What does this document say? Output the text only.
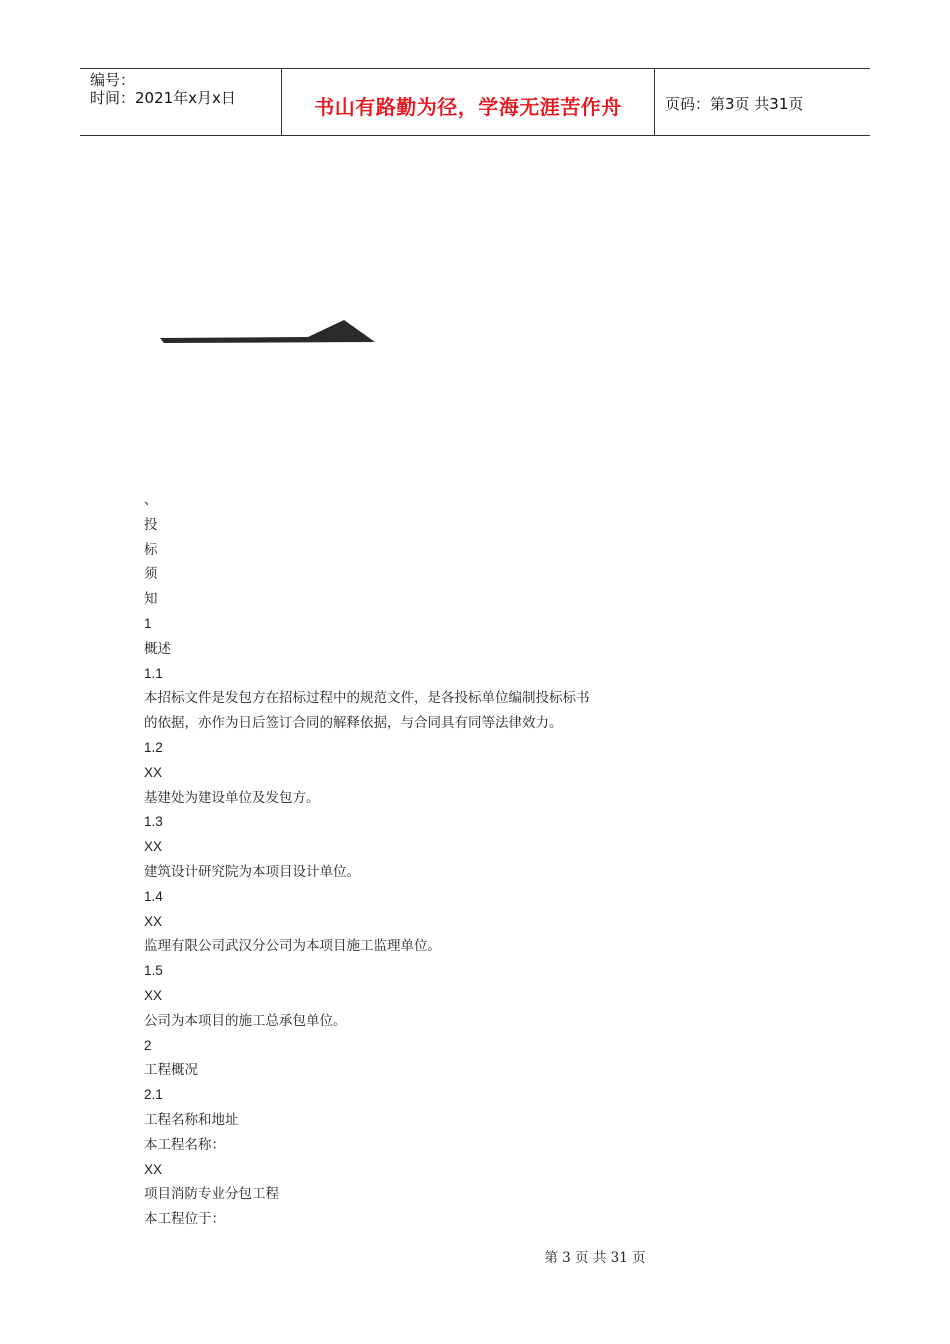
编号：
时间：2021年x月x日	书山有路勤为径，学海无涯苦作舟	页码：第3页 共31页
、
投
标
须
知
1
概述
1.1
本招标文件是发包方在招标过程中的规范文件，是各投标单位编制投标标书
的依据，亦作为日后签订合同的解释依据，与合同具有同等法律效力。
1.2
XX
基建处为建设单位及发包方。
1.3
XX
建筑设计研究院为本项目设计单位。
1.4
XX
监理有限公司武汉分公司为本项目施工监理单位。
1.5
XX
公司为本项目的施工总承包单位。
2
工程概况
2.1
工程名称和地址
本工程名称：
XX
项目消防专业分包工程
本工程位于：
第 3 页 共 31 页
